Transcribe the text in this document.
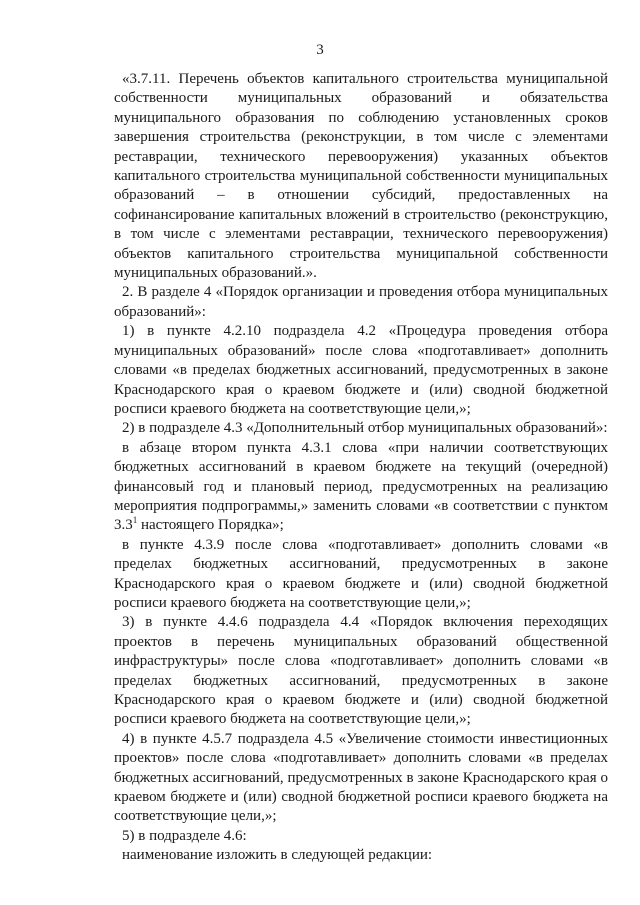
3

«3.7.11. Перечень объектов капитального строительства муниципальной собственности муниципальных образований и обязательства муниципального образования по соблюдению установленных сроков завершения строительства (реконструкции, в том числе с элементами реставрации, технического перевооружения) указанных объектов капитального строительства муниципальной собственности муниципальных образований – в отношении субсидий, предоставленных на софинансирование капитальных вложений в строительство (реконструкцию, в том числе с элементами реставрации, технического перевооружения) объектов капитального строительства муниципальной собственности муниципальных образований.».

2. В разделе 4 «Порядок организации и проведения отбора муниципальных образований»:

1) в пункте 4.2.10 подраздела 4.2 «Процедура проведения отбора муниципальных образований» после слова «подготавливает» дополнить словами «в пределах бюджетных ассигнований, предусмотренных в законе Краснодарского края о краевом бюджете и (или) сводной бюджетной росписи краевого бюджета на соответствующие цели,»;

2) в подразделе 4.3 «Дополнительный отбор муниципальных образований»:

в абзаце втором пункта 4.3.1 слова «при наличии соответствующих бюджетных ассигнований в краевом бюджете на текущий (очередной) финансовый год и плановый период, предусмотренных на реализацию мероприятия подпрограммы,» заменить словами «в соответствии с пунктом $3.3^1$ настоящего Порядка»;

в пункте 4.3.9 после слова «подготавливает» дополнить словами «в пределах бюджетных ассигнований, предусмотренных в законе Краснодарского края о краевом бюджете и (или) сводной бюджетной росписи краевого бюджета на соответствующие цели,»;

3) в пункте 4.4.6 подраздела 4.4 «Порядок включения переходящих проектов в перечень муниципальных образований общественной инфраструктуры» после слова «подготавливает» дополнить словами «в пределах бюджетных ассигнований, предусмотренных в законе Краснодарского края о краевом бюджете и (или) сводной бюджетной росписи краевого бюджета на соответствующие цели,»;

4) в пункте 4.5.7 подраздела 4.5 «Увеличение стоимости инвестиционных проектов» после слова «подготавливает» дополнить словами «в пределах бюджетных ассигнований, предусмотренных в законе Краснодарского края о краевом бюджете и (или) сводной бюджетной росписи краевого бюджета на соответствующие цели,»;

5) в подразделе 4.6:

наименование изложить в следующей редакции:
